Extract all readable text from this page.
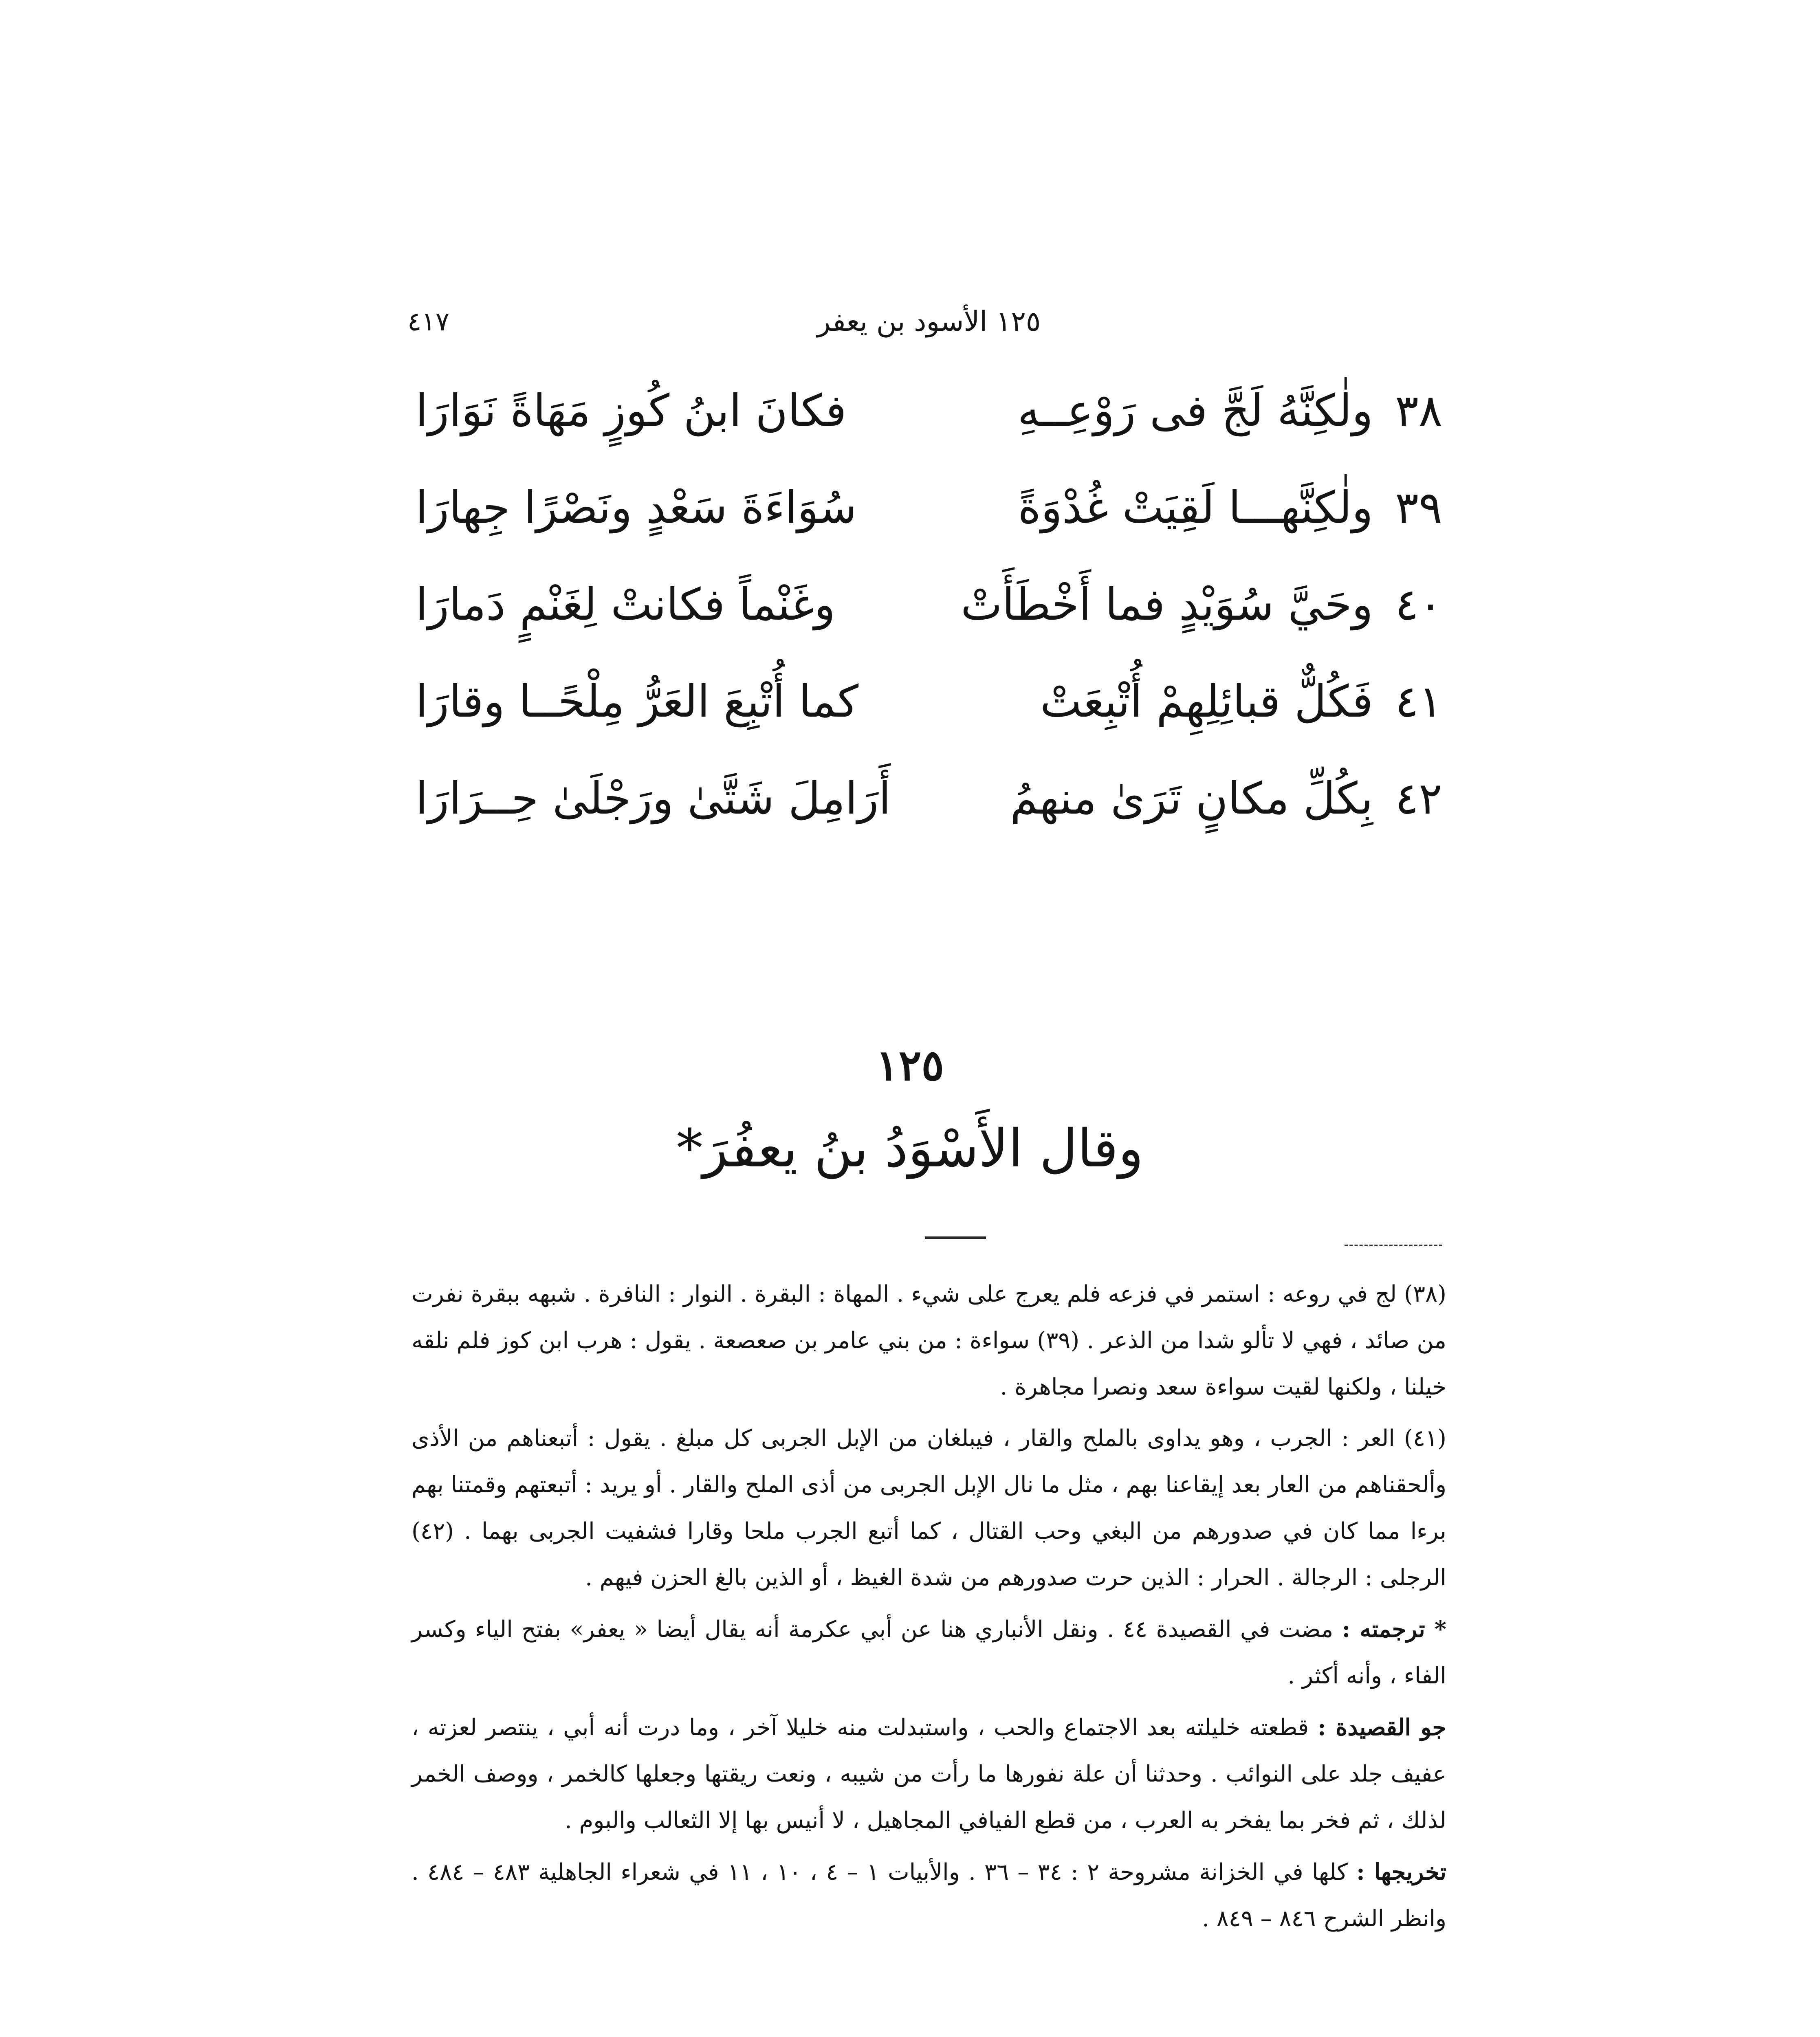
١٢٥ الأسود بن يعفر
٤١٧
٣٨
ولٰكِنَّهُ لَجَّ فى رَوْعِــهِ
فكانَ ابنُ كُوزٍ مَهَاةً نَوَارَا
٣٩
ولٰكِنَّهـــا لَقِيَتْ غُدْوَةً
سُوَاءَةَ سَعْدٍ ونَصْرًا جِهارَا
٤٠
وحَيَّ سُوَيْدٍ فما أَخْطَأَتْ
وغَنْماً فكانتْ لِغَنْمٍ دَمارَا
٤١
فَكُلٌّ قبائِلِهِمْ أُتْبِعَتْ
كما أُتْبِعَ العَرُّ مِلْحًــا وقارَا
٤٢
بِكُلِّ مكانٍ تَرَىٰ منهمُ
أَرَامِلَ شَتَّىٰ ورَجْلَىٰ حِــرَارَا
١٢٥
وقال الأَسْوَدُ بنُ يعفُرَ*

(٣٨) لج في روعه : استمر في فزعه فلم يعرج على شيء . المهاة : البقرة . النوار : النافرة . شبهه ببقرة نفرت من صائد ، فهي لا تألو شدا من الذعر . (٣٩) سواءة : من بني عامر بن صعصعة . يقول : هرب ابن كوز فلم نلقه خيلنا ، ولكنها لقيت سواءة سعد ونصرا مجاهرة .

(٤١) العر : الجرب ، وهو يداوى بالملح والقار ، فيبلغان من الإبل الجربى كل مبلغ . يقول : أتبعناهم من الأذى وألحقناهم من العار بعد إيقاعنا بهم ، مثل ما نال الإبل الجربى من أذى الملح والقار . أو يريد : أتبعتهم وقمتنا بهم برءا مما كان في صدورهم من البغي وحب القتال ، كما أتبع الجرب ملحا وقارا فشفيت الجربى بهما . (٤٢) الرجلى : الرجالة . الحرار : الذين حرت صدورهم من شدة الغيظ ، أو الذين بالغ الحزن فيهم .

* ترجمته : مضت في القصيدة ٤٤ . ونقل الأنباري هنا عن أبي عكرمة أنه يقال أيضا « يعفر» بفتح الياء وكسر الفاء ، وأنه أكثر .

جو القصيدة : قطعته خليلته بعد الاجتماع والحب ، واستبدلت منه خليلا آخر ، وما درت أنه أبي ، ينتصر لعزته ، عفيف جلد على النوائب . وحدثنا أن علة نفورها ما رأت من شيبه ، ونعت ريقتها وجعلها كالخمر ، ووصف الخمر لذلك ، ثم فخر بما يفخر به العرب ، من قطع الفيافي المجاهيل ، لا أنيس بها إلا الثعالب والبوم .

تخريجها : كلها في الخزانة مشروحة ٢ : ٣٤ – ٣٦ . والأبيات ١ – ٤ ، ١٠ ، ١١ في شعراء الجاهلية ٤٨٣ – ٤٨٤ . وانظر الشرح ٨٤٦ – ٨٤٩ .
